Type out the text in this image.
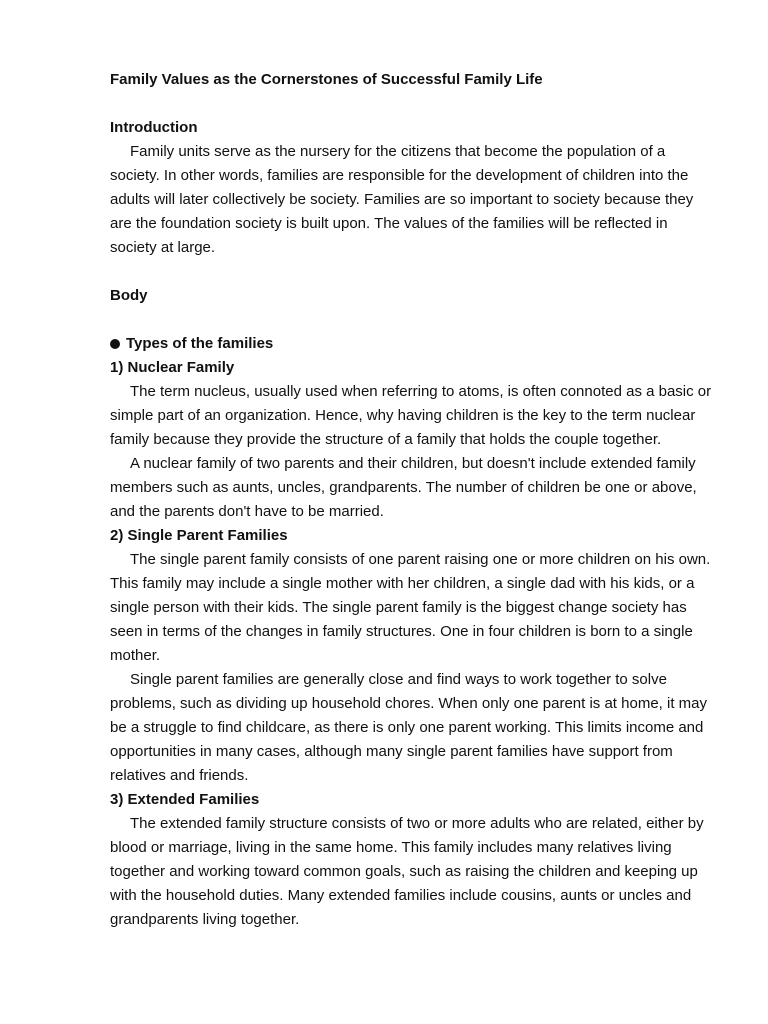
Family Values as the Cornerstones of Successful Family Life

Introduction

Family units serve as the nursery for the citizens that become the population of a society. In other words, families are responsible for the development of children into the adults will later collectively be society. Families are so important to society because they are the foundation society is built upon. The values of the families will be reflected in society at large.

Body

Types of the families

1) Nuclear Family

The term nucleus, usually used when referring to atoms, is often connoted as a basic or simple part of an organization. Hence, why having children is the key to the term nuclear family because they provide the structure of a family that holds the couple together.

A nuclear family of two parents and their children, but doesn't include extended family members such as aunts, uncles, grandparents. The number of children be one or above, and the parents don't have to be married.

2) Single Parent Families

The single parent family consists of one parent raising one or more children on his own. This family may include a single mother with her children, a single dad with his kids, or a single person with their kids. The single parent family is the biggest change society has seen in terms of the changes in family structures. One in four children is born to a single mother.

Single parent families are generally close and find ways to work together to solve problems, such as dividing up household chores. When only one parent is at home, it may be a struggle to find childcare, as there is only one parent working. This limits income and opportunities in many cases, although many single parent families have support from relatives and friends.

3) Extended Families

The extended family structure consists of two or more adults who are related, either by blood or marriage, living in the same home. This family includes many relatives living together and working toward common goals, such as raising the children and keeping up with the household duties. Many extended families include cousins, aunts or uncles and grandparents living together.
